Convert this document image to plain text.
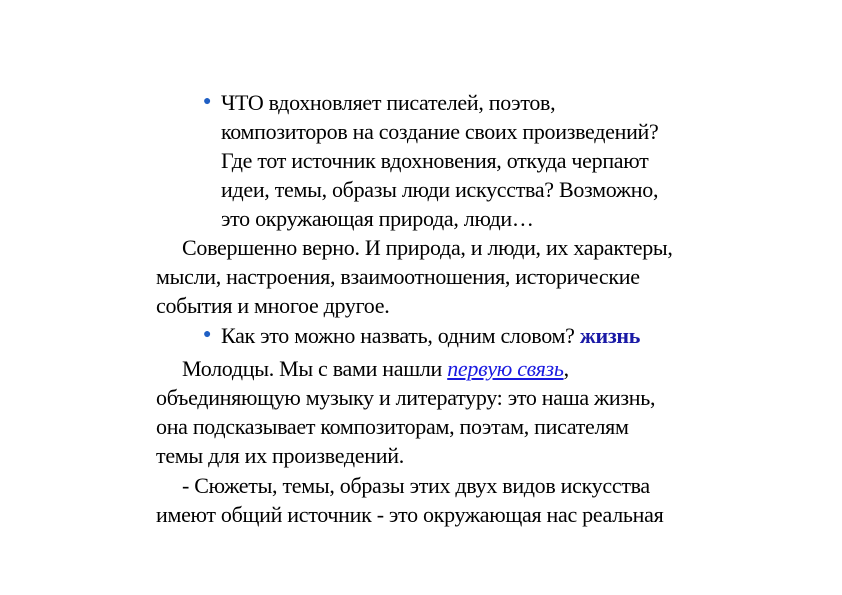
● ЧТО вдохновляет писателей, поэтов,
композиторов на создание своих произведений?
Где тот источник вдохновения, откуда черпают
идеи, темы, образы люди искусства? Возможно,
это окружающая природа, люди…
Совершенно верно. И природа, и люди, их характеры,
мысли, настроения, взаимоотношения, исторические
события и многое другое.
● Как это можно назвать, одним словом? жизнь
Молодцы. Мы с вами нашли первую связь,
объединяющую музыку и литературу: это наша жизнь,
она подсказывает композиторам, поэтам, писателям
темы для их произведений.
- Сюжеты, темы, образы этих двух видов искусства
имеют общий источник - это окружающая нас реальная
